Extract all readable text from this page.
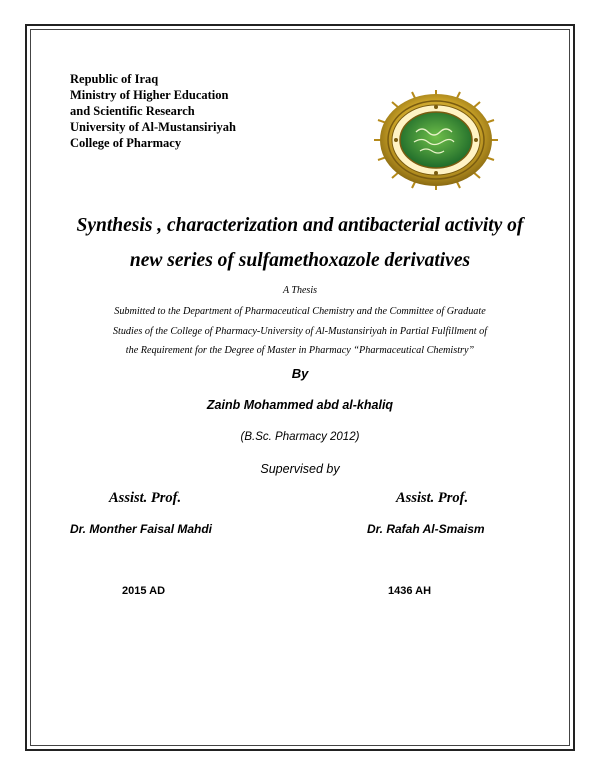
Republic of Iraq
Ministry of Higher Education
and Scientific Research
University of Al-Mustansiriyah
College of Pharmacy
Synthesis , characterization and antibacterial activity of
new series of sulfamethoxazole derivatives
A Thesis
Submitted to the Department of Pharmaceutical Chemistry and the Committee of Graduate
Studies of the College of Pharmacy-University of Al-Mustansiriyah in Partial Fulfillment of
the Requirement for the Degree of Master in Pharmacy “Pharmaceutical Chemistry”
By
Zainb Mohammed abd al-khaliq
(B.Sc. Pharmacy 2012)
Supervised by
Assist. Prof.	Assist. Prof.
Dr. Monther Faisal Mahdi	Dr. Rafah Al-Smaism
2015 AD	1436 AH
